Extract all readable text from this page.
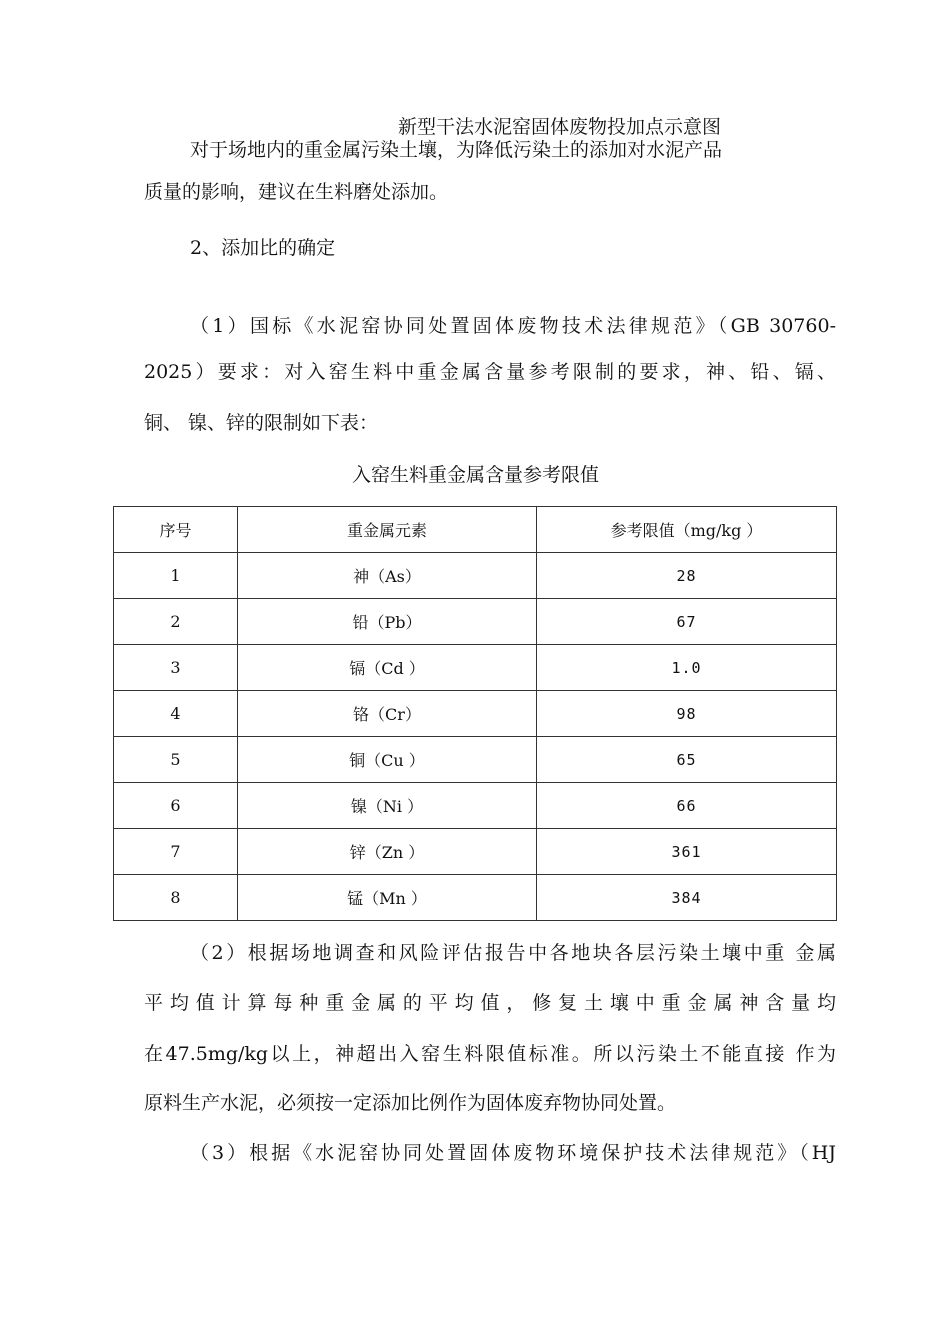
新型干法水泥窑固体废物投加点示意图
对于场地内的重金属污染土壤，为降低污染土的添加对水泥产品
质量的影响，建议在生料磨处添加。
2、添加比的确定
（1）国标《水泥窑协同处置固体废物技术法律规范》（GB 30760-
2025）要求：对入窑生料中重金属含量参考限制的要求，神、铅、镉、
铜、 镍、锌的限制如下表：
入窑生料重金属含量参考限值
序号	重金属元素	参考限值（mg/kg ）
1	神（As）	28
2	铅（Pb）	67
3	镉（Cd ）	1.0
4	铬（Cr）	98
5	铜（Cu ）	65
6	镍（Ni ）	66
7	锌（Zn ）	361
8	锰（Mn ）	384
（2）根据场地调查和风险评估报告中各地块各层污染土壤中重 金属
平均值计算每种重金属的平均值，修复土壤中重金属神含量均
在47.5mg/kg以上，神超出入窑生料限值标准。所以污染土不能直接 作为
原料生产水泥，必须按一定添加比例作为固体废弃物协同处置。
（3）根据《水泥窑协同处置固体废物环境保护技术法律规范》（HJ
